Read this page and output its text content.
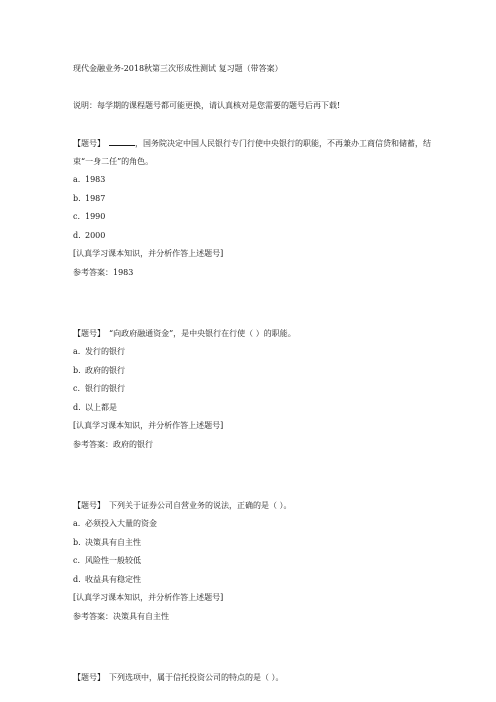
现代金融业务-2018秋第三次形成性测试 复习题（带答案）

说明：每学期的课程题号都可能更换，请认真核对是您需要的题号后再下载!

【题号】	，国务院决定中国人民银行专门行使中央银行的职能，不再兼办工商信贷和储蓄，结束“一身二任”的角色。

a. 1983

b. 1987

c. 1990

d. 2000

[认真学习课本知识，并分析作答上述题号]

参考答案：1983

【题号】 “向政府融通资金”，是中央银行在行使（ ）的职能。

a. 发行的银行

b. 政府的银行

c. 银行的银行

d. 以上都是

[认真学习课本知识，并分析作答上述题号]

参考答案：政府的银行

【题号】 下列关于证券公司自营业务的说法，正确的是（ ）。

a. 必须投入大量的资金

b. 决策具有自主性

c. 风险性一般较低

d. 收益具有稳定性

[认真学习课本知识，并分析作答上述题号]

参考答案：决策具有自主性

【题号】 下列选项中，属于信托投资公司的特点的是（ ）。
